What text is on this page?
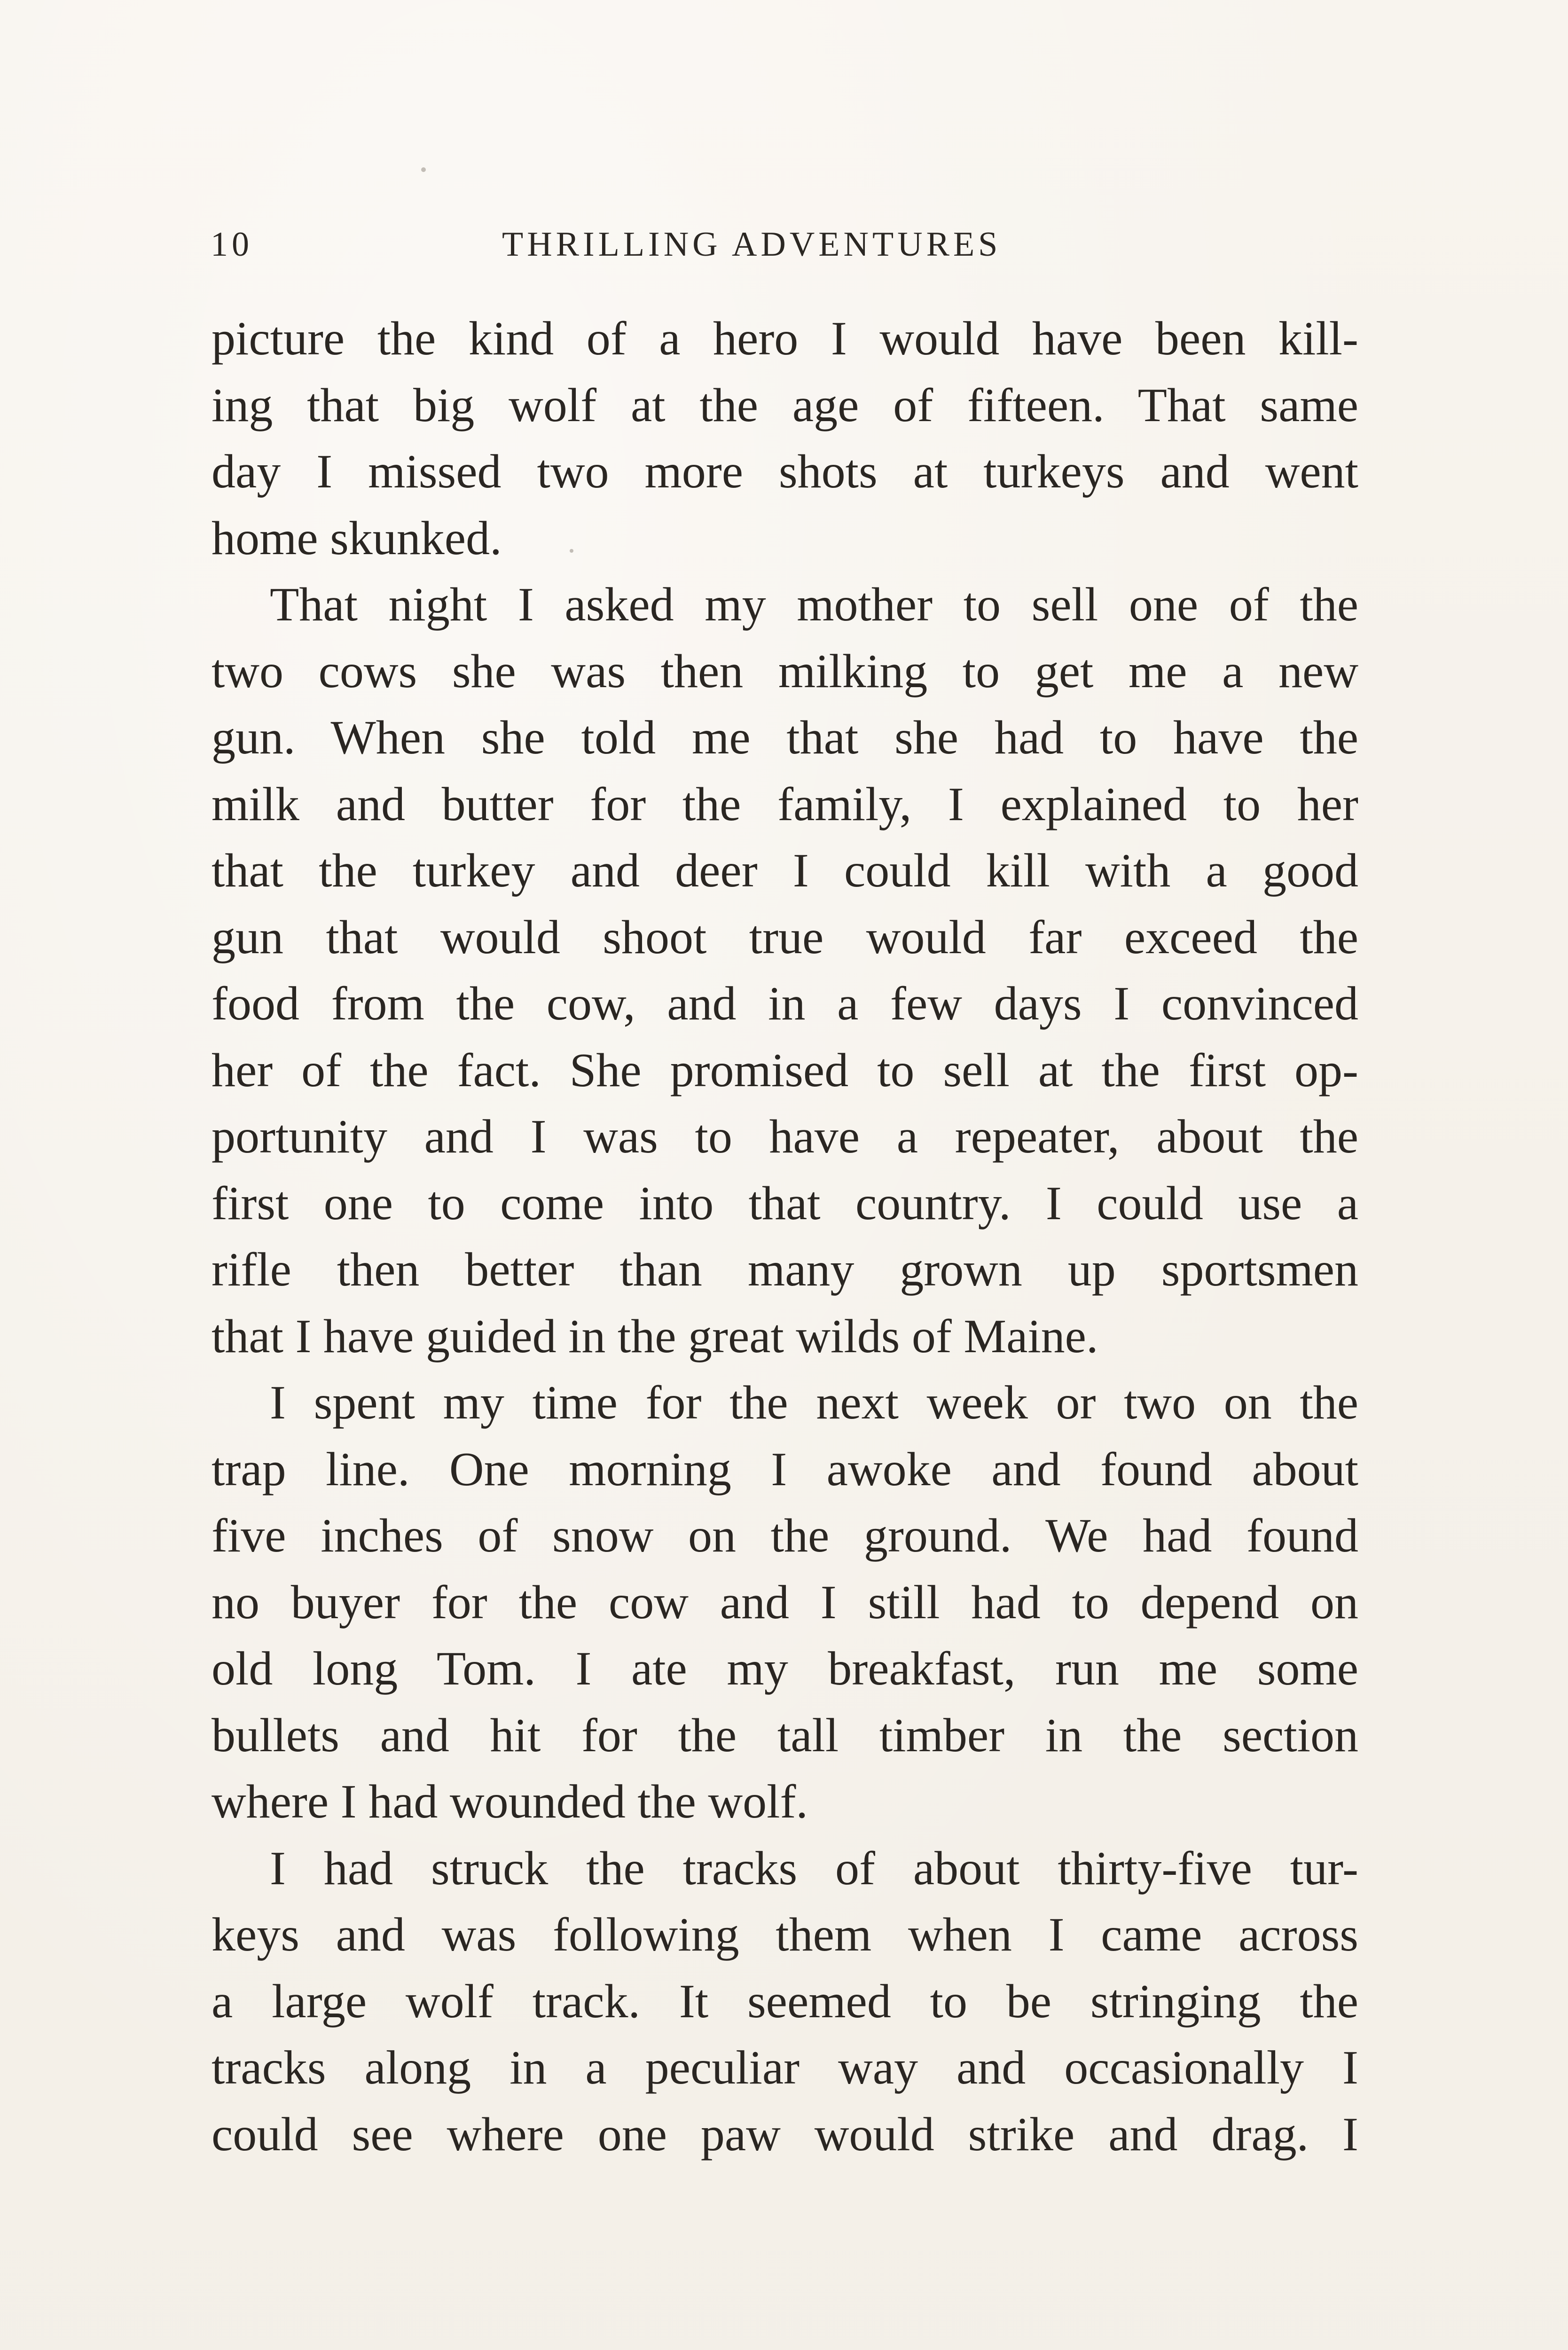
10	THRILLING ADVENTURES
picture the kind of a hero I would have been kill-
ing that big wolf at the age of fifteen. That same
day I missed two more shots at turkeys and went
home skunked.
That night I asked my mother to sell one of the
two cows she was then milking to get me a new
gun. When she told me that she had to have the
milk and butter for the family, I explained to her
that the turkey and deer I could kill with a good
gun that would shoot true would far exceed the
food from the cow, and in a few days I convinced
her of the fact. She promised to sell at the first op-
portunity and I was to have a repeater, about the
first one to come into that country. I could use a
rifle then better than many grown up sportsmen
that I have guided in the great wilds of Maine.
I spent my time for the next week or two on the
trap line. One morning I awoke and found about
five inches of snow on the ground. We had found
no buyer for the cow and I still had to depend on
old long Tom. I ate my breakfast, run me some
bullets and hit for the tall timber in the section
where I had wounded the wolf.
I had struck the tracks of about thirty-five tur-
keys and was following them when I came across
a large wolf track. It seemed to be stringing the
tracks along in a peculiar way and occasionally I
could see where one paw would strike and drag. I
